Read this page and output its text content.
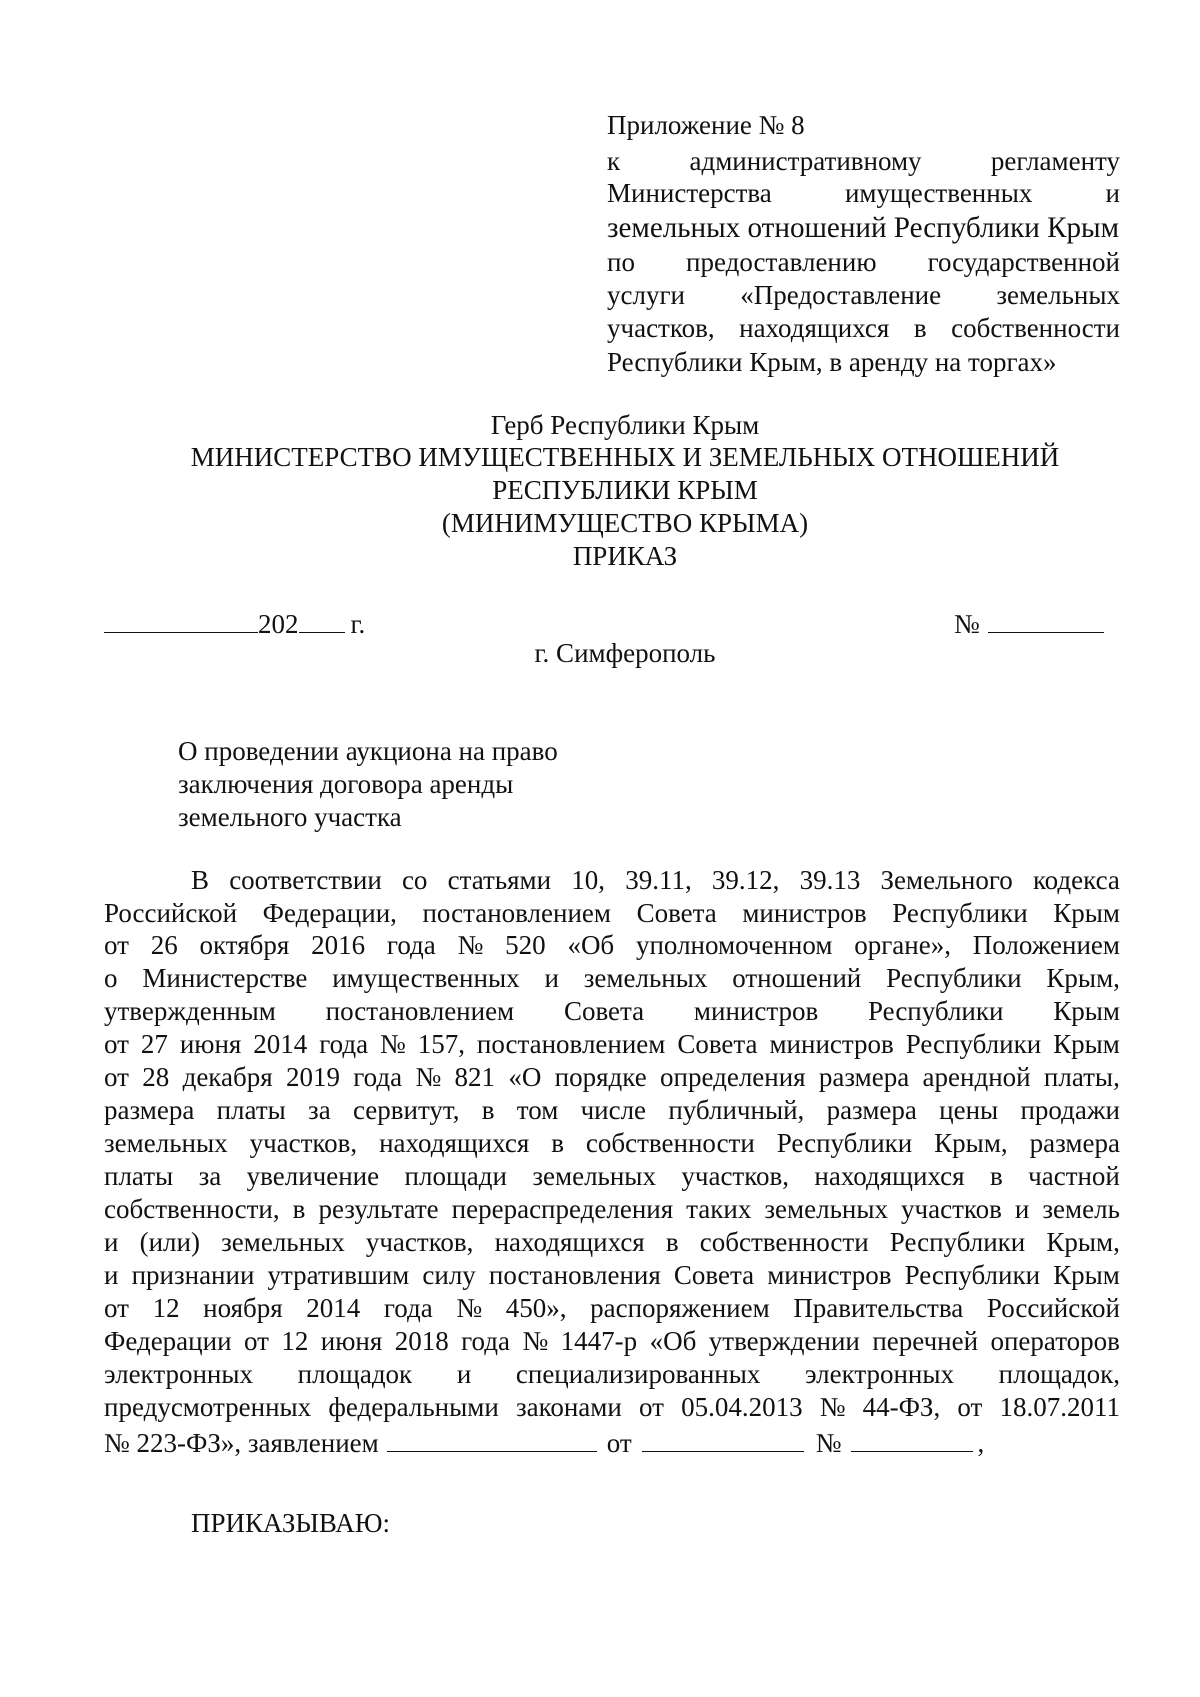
Приложение № 8
к	административному	регламенту
Министерства	имущественных	и
земельных отношений Республики Крым
по предоставлению государственной
услуги «Предоставление земельных
участков, находящихся в собственности
Республики Крым, в аренду на торгах»
Герб Республики Крым
МИНИСТЕРСТВО ИМУЩЕСТВЕННЫХ И ЗЕМЕЛЬНЫХ ОТНОШЕНИЙ
РЕСПУБЛИКИ КРЫМ
(МИНИМУЩЕСТВО КРЫМА)
ПРИКАЗ
202 г.	№
г. Симферополь
О проведении аукциона на право
заключения договора аренды
земельного участка
В соответствии со статьями 10, 39.11, 39.12, 39.13 Земельного кодекса
Российской Федерации, постановлением Совета министров Республики Крым
от 26 октября 2016 года № 520 «Об уполномоченном органе», Положением
о Министерстве имущественных и земельных отношений Республики Крым,
утвержденным постановлением Совета министров Республики Крым
от 27 июня 2014 года № 157, постановлением Совета министров Республики Крым
от 28 декабря 2019 года № 821 «О порядке определения размера арендной платы,
размера платы за сервитут, в том числе публичный, размера цены продажи
земельных участков, находящихся в собственности Республики Крым, размера
платы за увеличение площади земельных участков, находящихся в частной
собственности, в результате перераспределения таких земельных участков и земель
и (или) земельных участков, находящихся в собственности Республики Крым,
и признании утратившим силу постановления Совета министров Республики Крым
от 12 ноября 2014 года № 450», распоряжением Правительства Российской
Федерации от 12 июня 2018 года № 1447-р «Об утверждении перечней операторов
электронных площадок и специализированных электронных площадок,
предусмотренных федеральными законами от 05.04.2013 № 44-ФЗ, от 18.07.2011
№ 223-ФЗ», заявлением	от	№	,
ПРИКАЗЫВАЮ:
